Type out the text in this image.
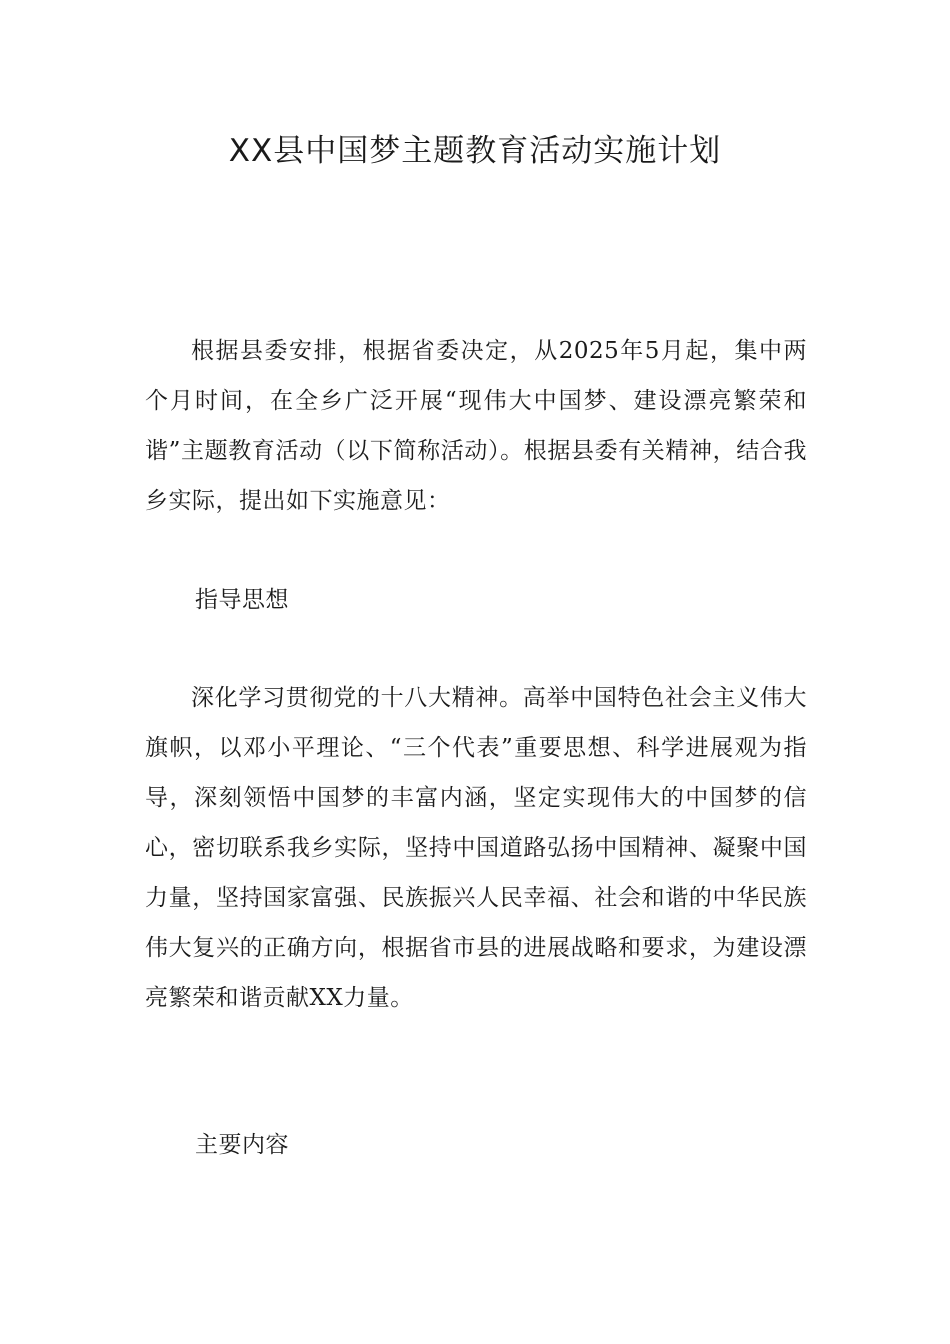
XX县中国梦主题教育活动实施计划

根据县委安排，根据省委决定，从2025年5月起，集中两个月时间，在全乡广泛开展“现伟大中国梦、建设漂亮繁荣和谐”主题教育活动（以下简称活动）。根据县委有关精神，结合我乡实际，提出如下实施意见：

指导思想

深化学习贯彻党的十八大精神。高举中国特色社会主义伟大旗帜，以邓小平理论、“三个代表”重要思想、科学进展观为指导，深刻领悟中国梦的丰富内涵，坚定实现伟大的中国梦的信心，密切联系我乡实际，坚持中国道路弘扬中国精神、凝聚中国力量，坚持国家富强、民族振兴人民幸福、社会和谐的中华民族伟大复兴的正确方向，根据省市县的进展战略和要求，为建设漂亮繁荣和谐贡献XX力量。

主要内容
